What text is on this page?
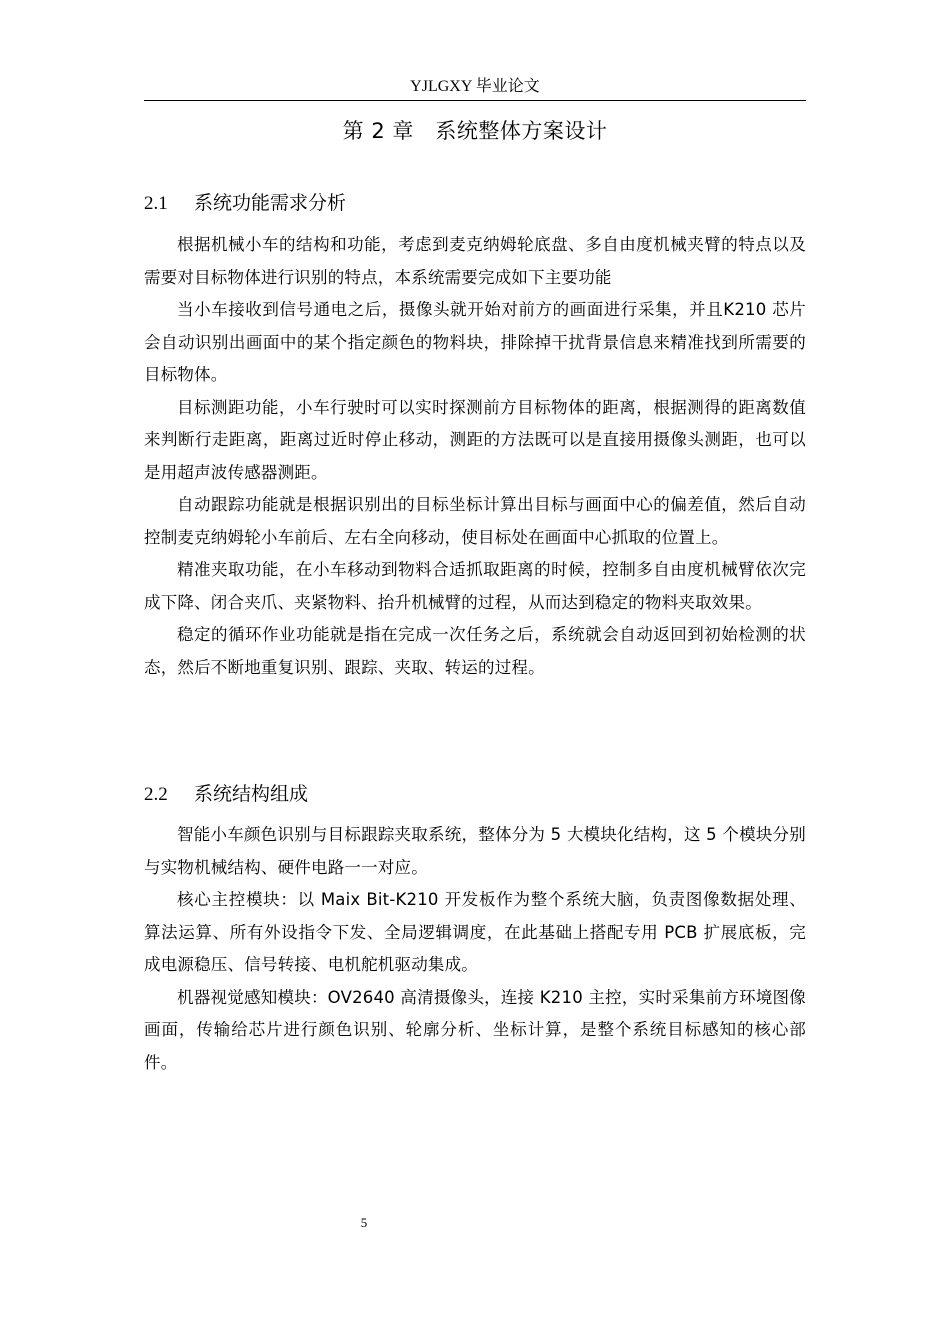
YJLGXY 毕业论文
第 2 章　系统整体方案设计
2.1 系统功能需求分析

根据机械小车的结构和功能，考虑到麦克纳姆轮底盘、多自由度机械夹臂的特点以及需要对目标物体进行识别的特点，本系统需要完成如下主要功能

当小车接收到信号通电之后，摄像头就开始对前方的画面进行采集，并且K210 芯片会自动识别出画面中的某个指定颜色的物料块，排除掉干扰背景信息来精准找到所需要的目标物体。

目标测距功能，小车行驶时可以实时探测前方目标物体的距离，根据测得的距离数值来判断行走距离，距离过近时停止移动，测距的方法既可以是直接用摄像头测距，也可以是用超声波传感器测距。

自动跟踪功能就是根据识别出的目标坐标计算出目标与画面中心的偏差值，然后自动控制麦克纳姆轮小车前后、左右全向移动，使目标处在画面中心抓取的位置上。

精准夹取功能，在小车移动到物料合适抓取距离的时候，控制多自由度机械臂依次完成下降、闭合夹爪、夹紧物料、抬升机械臂的过程，从而达到稳定的物料夹取效果。

稳定的循环作业功能就是指在完成一次任务之后，系统就会自动返回到初始检测的状态，然后不断地重复识别、跟踪、夹取、转运的过程。

2.2 系统结构组成

智能小车颜色识别与目标跟踪夹取系统，整体分为 5 大模块化结构，这 5 个模块分别与实物机械结构、硬件电路一一对应。

核心主控模块：以 Maix Bit-K210 开发板作为整个系统大脑，负责图像数据处理、算法运算、所有外设指令下发、全局逻辑调度，在此基础上搭配专用 PCB 扩展底板，完成电源稳压、信号转接、电机舵机驱动集成。

机器视觉感知模块：OV2640 高清摄像头，连接 K210 主控，实时采集前方环境图像画面，传输给芯片进行颜色识别、轮廓分析、坐标计算，是整个系统目标感知的核心部件。

5
